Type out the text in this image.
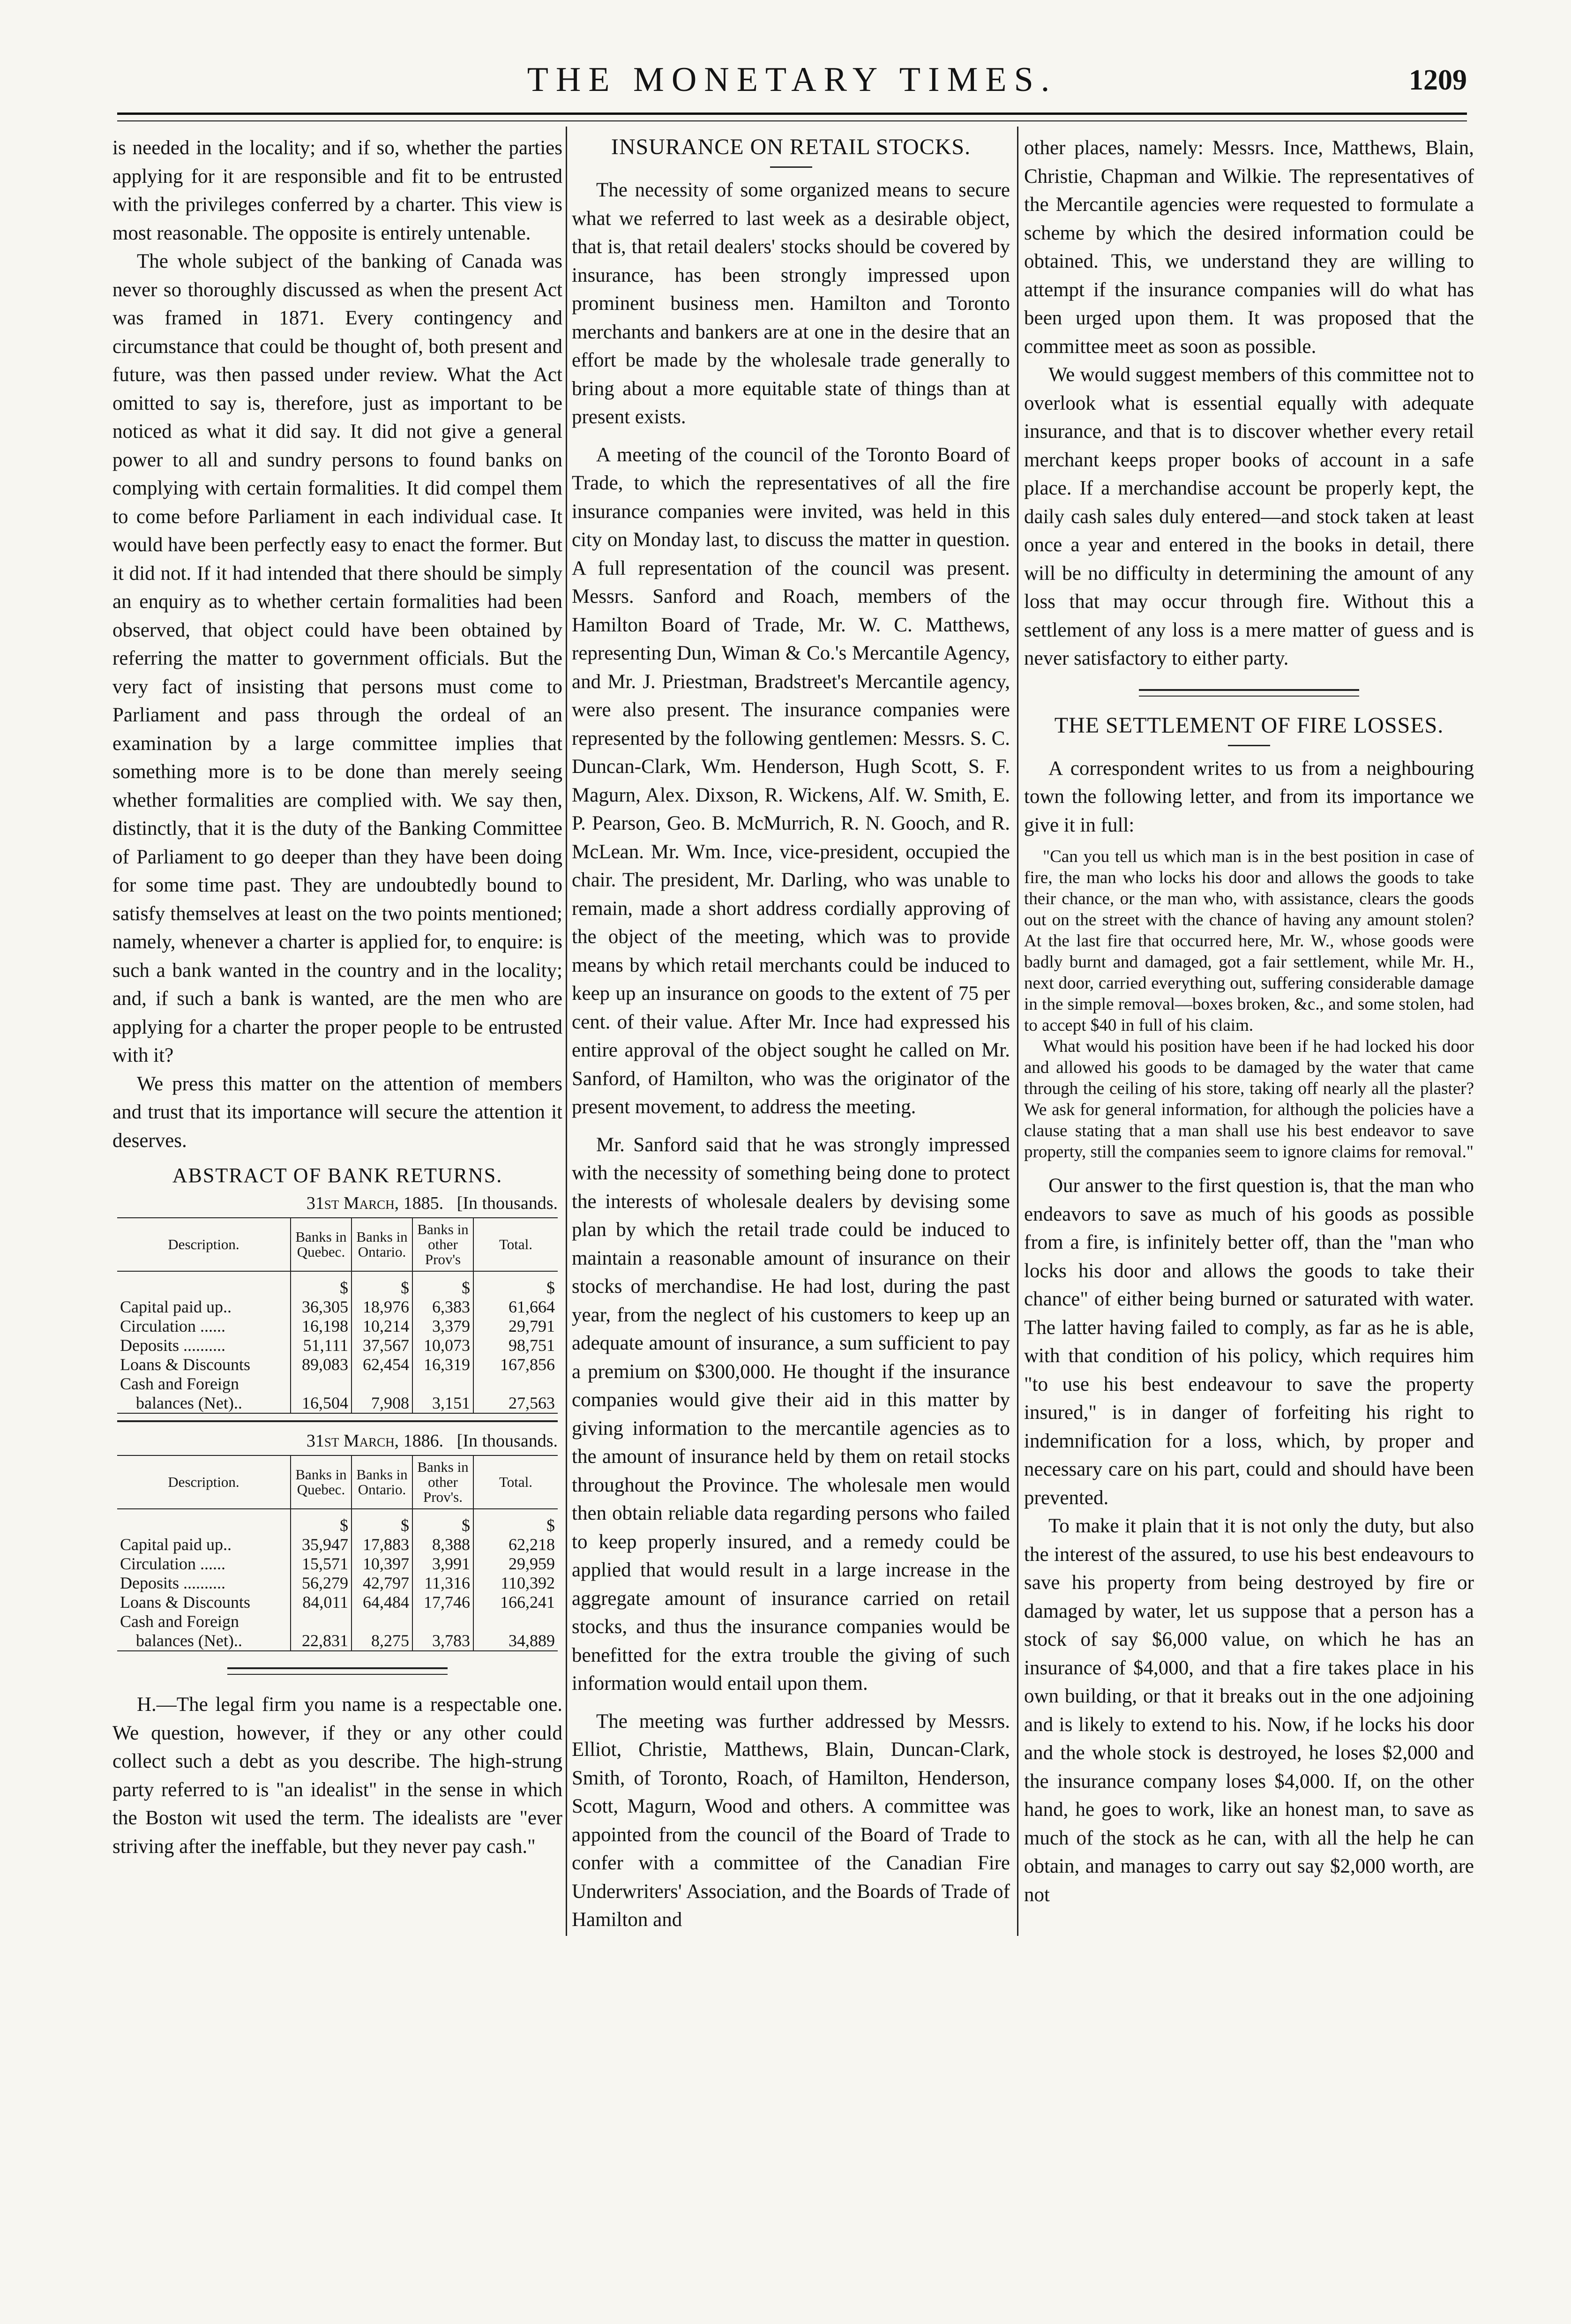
THE MONETARY TIMES.	1209

is needed in the locality; and if so, whether the parties applying for it are responsible and fit to be entrusted with the privileges conferred by a charter. This view is most reasonable. The opposite is entirely untenable.

The whole subject of the banking of Canada was never so thoroughly discussed as when the present Act was framed in 1871. Every contingency and circumstance that could be thought of, both present and future, was then passed under review. What the Act omitted to say is, therefore, just as important to be noticed as what it did say. It did not give a general power to all and sundry persons to found banks on complying with certain formalities. It did compel them to come before Parliament in each individual case. It would have been perfectly easy to enact the former. But it did not. If it had intended that there should be simply an enquiry as to whether certain formalities had been observed, that object could have been obtained by referring the matter to government officials. But the very fact of insisting that persons must come to Parliament and pass through the ordeal of an examination by a large committee implies that something more is to be done than merely seeing whether formalities are complied with. We say then, distinctly, that it is the duty of the Banking Committee of Parliament to go deeper than they have been doing for some time past. They are undoubtedly bound to satisfy themselves at least on the two points mentioned; namely, whenever a charter is applied for, to enquire: is such a bank wanted in the country and in the locality; and, if such a bank is wanted, are the men who are applying for a charter the proper people to be entrusted with it?

We press this matter on the attention of members and trust that its importance will secure the attention it deserves.

ABSTRACT OF BANK RETURNS.
31st March, 1885. [In thousands.
Description.	Banks in Quebec.	Banks in Ontario.	Banks in other Prov's	Total.
	$	$	$	$
Capital paid up..	36,305	18,976	6,383	61,664
Circulation ......	16,198	10,214	3,379	29,791
Deposits ..........	51,111	37,567	10,073	98,751
Loans & Discounts	89,083	62,454	16,319	167,856
Cash and Foreign				
balances (Net)..	16,504	7,908	3,151	27,563
31st March, 1886. [In thousands.
Description.	Banks in Quebec.	Banks in Ontario.	Banks in other Prov's.	Total.
	$	$	$	$
Capital paid up..	35,947	17,883	8,388	62,218
Circulation ......	15,571	10,397	3,991	29,959
Deposits ..........	56,279	42,797	11,316	110,392
Loans & Discounts	84,011	64,484	17,746	166,241
Cash and Foreign				
balances (Net)..	22,831	8,275	3,783	34,889

H.—The legal firm you name is a respectable one. We question, however, if they or any other could collect such a debt as you describe. The high-strung party referred to is "an idealist" in the sense in which the Boston wit used the term. The idealists are "ever striving after the ineffable, but they never pay cash."

INSURANCE ON RETAIL STOCKS.

The necessity of some organized means to secure what we referred to last week as a desirable object, that is, that retail dealers' stocks should be covered by insurance, has been strongly impressed upon prominent business men. Hamilton and Toronto merchants and bankers are at one in the desire that an effort be made by the wholesale trade generally to bring about a more equitable state of things than at present exists.

A meeting of the council of the Toronto Board of Trade, to which the representatives of all the fire insurance companies were invited, was held in this city on Monday last, to discuss the matter in question. A full representation of the council was present. Messrs. Sanford and Roach, members of the Hamilton Board of Trade, Mr. W. C. Matthews, representing Dun, Wiman & Co.'s Mercantile Agency, and Mr. J. Priestman, Bradstreet's Mercantile agency, were also present. The insurance companies were represented by the following gentlemen: Messrs. S. C. Duncan-Clark, Wm. Henderson, Hugh Scott, S. F. Magurn, Alex. Dixson, R. Wickens, Alf. W. Smith, E. P. Pearson, Geo. B. McMurrich, R. N. Gooch, and R. McLean. Mr. Wm. Ince, vice-president, occupied the chair. The president, Mr. Darling, who was unable to remain, made a short address cordially approving of the object of the meeting, which was to provide means by which retail merchants could be induced to keep up an insurance on goods to the extent of 75 per cent. of their value. After Mr. Ince had expressed his entire approval of the object sought he called on Mr. Sanford, of Hamilton, who was the originator of the present movement, to address the meeting.

Mr. Sanford said that he was strongly impressed with the necessity of something being done to protect the interests of wholesale dealers by devising some plan by which the retail trade could be induced to maintain a reasonable amount of insurance on their stocks of merchandise. He had lost, during the past year, from the neglect of his customers to keep up an adequate amount of insurance, a sum sufficient to pay a premium on $300,000. He thought if the insurance companies would give their aid in this matter by giving information to the mercantile agencies as to the amount of insurance held by them on retail stocks throughout the Province. The wholesale men would then obtain reliable data regarding persons who failed to keep properly insured, and a remedy could be applied that would result in a large increase in the aggregate amount of insurance carried on retail stocks, and thus the insurance companies would be benefitted for the extra trouble the giving of such information would entail upon them.

The meeting was further addressed by Messrs. Elliot, Christie, Matthews, Blain, Duncan-Clark, Smith, of Toronto, Roach, of Hamilton, Henderson, Scott, Magurn, Wood and others. A committee was appointed from the council of the Board of Trade to confer with a committee of the Canadian Fire Underwriters' Association, and the Boards of Trade of Hamilton and

other places, namely: Messrs. Ince, Matthews, Blain, Christie, Chapman and Wilkie. The representatives of the Mercantile agencies were requested to formulate a scheme by which the desired information could be obtained. This, we understand they are willing to attempt if the insurance companies will do what has been urged upon them. It was proposed that the committee meet as soon as possible.

We would suggest members of this committee not to overlook what is essential equally with adequate insurance, and that is to discover whether every retail merchant keeps proper books of account in a safe place. If a merchandise account be properly kept, the daily cash sales duly entered—and stock taken at least once a year and entered in the books in detail, there will be no difficulty in determining the amount of any loss that may occur through fire. Without this a settlement of any loss is a mere matter of guess and is never satisfactory to either party.

THE SETTLEMENT OF FIRE LOSSES.

A correspondent writes to us from a neighbouring town the following letter, and from its importance we give it in full:

"Can you tell us which man is in the best position in case of fire, the man who locks his door and allows the goods to take their chance, or the man who, with assistance, clears the goods out on the street with the chance of having any amount stolen? At the last fire that occurred here, Mr. W., whose goods were badly burnt and damaged, got a fair settlement, while Mr. H., next door, carried everything out, suffering considerable damage in the simple removal—boxes broken, &c., and some stolen, had to accept $40 in full of his claim.

What would his position have been if he had locked his door and allowed his goods to be damaged by the water that came through the ceiling of his store, taking off nearly all the plaster? We ask for general information, for although the policies have a clause stating that a man shall use his best endeavor to save property, still the companies seem to ignore claims for removal."

Our answer to the first question is, that the man who endeavors to save as much of his goods as possible from a fire, is infinitely better off, than the "man who locks his door and allows the goods to take their chance" of either being burned or saturated with water. The latter having failed to comply, as far as he is able, with that condition of his policy, which requires him "to use his best endeavour to save the property insured," is in danger of forfeiting his right to indemnification for a loss, which, by proper and necessary care on his part, could and should have been prevented.

To make it plain that it is not only the duty, but also the interest of the assured, to use his best endeavours to save his property from being destroyed by fire or damaged by water, let us suppose that a person has a stock of say $6,000 value, on which he has an insurance of $4,000, and that a fire takes place in his own building, or that it breaks out in the one adjoining and is likely to extend to his. Now, if he locks his door and the whole stock is destroyed, he loses $2,000 and the insurance company loses $4,000. If, on the other hand, he goes to work, like an honest man, to save as much of the stock as he can, with all the help he can obtain, and manages to carry out say $2,000 worth, are not
